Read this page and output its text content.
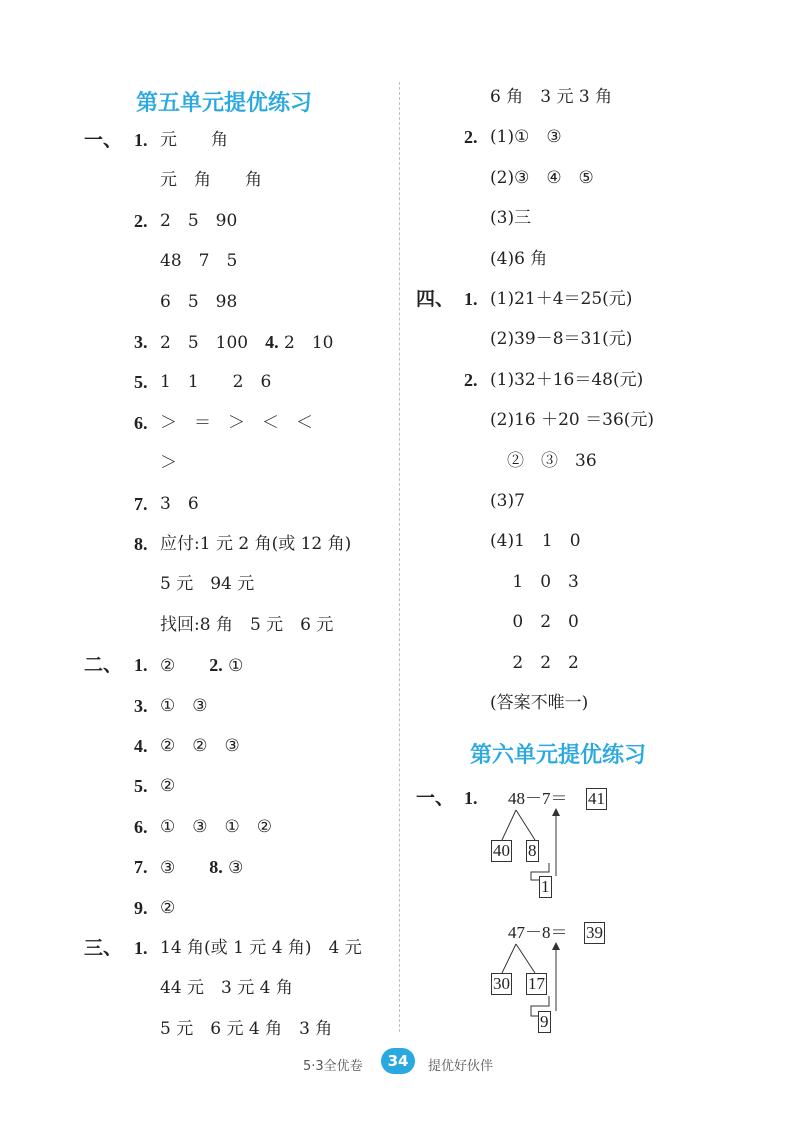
第五单元提优练习
一、 1. 元　　角
元　角　　角
2. 2　5　90
48　7　5
6　5　98
3. 2　5　100　4. 2　10
5. 1　1　　2　6
6. ＞　＝　＞　＜　＜
＞
7. 3　6
8. 应付:1 元 2 角(或 12 角)
5 元　94 元
找回:8 角　5 元　6 元
二、 1. ②　　2. ①
3. ①　③
4. ②　②　③
5. ②
6. ①　③　①　②
7. ③　　8. ③
9. ②
三、 1. 14 角(或 1 元 4 角)　4 元
44 元　3 元 4 角
5 元　6 元 4 角　3 角
6 角　3 元 3 角
2. (1)①　③
(2)③　④　⑤
(3)三
(4)6 角
四、 1. (1)21＋4＝25(元)
(2)39－8＝31(元)
2. (1)32＋16＝48(元)
(2)16 ＋20 ＝36(元)
　②　③　36
(3)7
(4)1　1　0
　 1　0　3
　 0　2　0
　 2　2　2
(答案不唯一)
第六单元提优练习
一、 1. 48－7＝ 41
40 8
1
47－8＝ 39
30 17
9
5·3全优卷	34	提优好伙伴
